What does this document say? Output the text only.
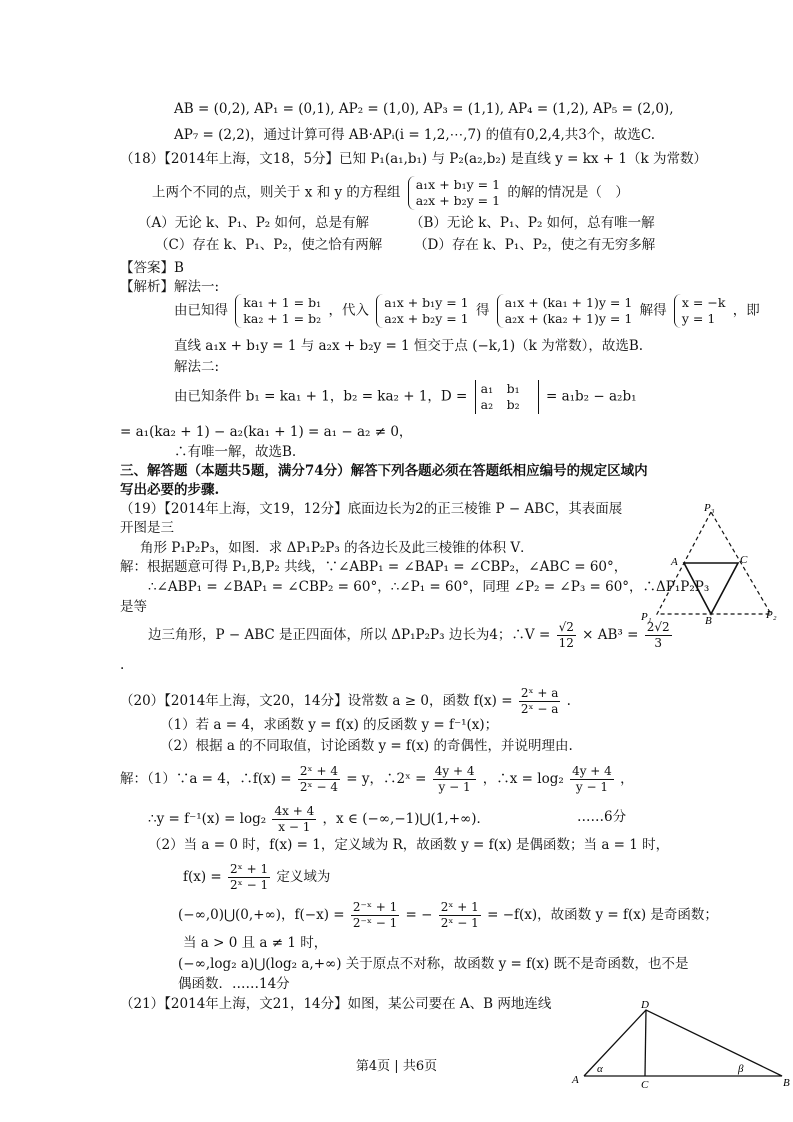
AB = (0,2), AP₁ = (0,1), AP₂ = (1,0), AP₃ = (1,1), AP₄ = (1,2), AP₅ = (2,0),
AP₇ = (2,2)，通过计算可得 AB·APᵢ(i = 1,2,⋯,7) 的值有0,2,4,共3个，故选C.
（18）【2014年上海，文18，5分】已知 P₁(a₁,b₁) 与 P₂(a₂,b₂) 是直线 y = kx + 1（k 为常数）
上两个不同的点，则关于 x 和 y 的方程组 a₁x + b₁y = 1
a₂x + b₂y = 1 的解的情况是（　）
（A）无论 k、P₁、P₂ 如何，总是有解	（B）无论 k、P₁、P₂ 如何，总有唯一解
（C）存在 k、P₁、P₂，使之恰有两解 （D）存在 k、P₁、P₂，使之有无穷多解
【答案】B
【解析】解法一:
由已知得 ka₁ + 1 = b₁
ka₂ + 1 = b₂ ，代入 a₁x + b₁y = 1
a₂x + b₂y = 1 得 a₁x + (ka₁ + 1)y = 1
a₂x + (ka₂ + 1)y = 1 解得 x = −k
y = 1 ，即
直线 a₁x + b₁y = 1 与 a₂x + b₂y = 1 恒交于点 (−k,1)（k 为常数），故选B.
解法二:
由已知条件 b₁ = ka₁ + 1，b₂ = ka₂ + 1，D = a₁ b₁
a₂ b₂ = a₁b₂ − a₂b₁
= a₁(ka₂ + 1) − a₂(ka₁ + 1) = a₁ − a₂ ≠ 0，
∴有唯一解，故选B.
三、解答题（本题共5题，满分74分）解答下列各题必须在答题纸相应编号的规定区域内
写出必要的步骤.
（19）【2014年上海，文19，12分】底面边长为2的正三棱锥 P − ABC，其表面展
开图是三
角形 P₁P₂P₃，如图．求 ΔP₁P₂P₃ 的各边长及此三棱锥的体积 V．
解：根据题意可得 P₁,B,P₂ 共线，∵∠ABP₁ = ∠BAP₁ = ∠CBP₂，∠ABC = 60°，
∴∠ABP₁ = ∠BAP₁ = ∠CBP₂ = 60°，∴∠P₁ = 60°，同理 ∠P₂ = ∠P₃ = 60°，∴ΔP₁P₂P₃
是等
边三角形，P − ABC 是正四面体，所以 ΔP₁P₂P₃ 边长为4；∴V = $\frac{√2}{12} \times AB^3 = \frac{2√2}{3}$
.
P₃
P₁	P₂
A	C
B
（20）【2014年上海，文20，14分】设常数 a ≥ 0，函数 $f(x) = \frac{\text{2ˣ + a}}{\text{2ˣ − a}}$ .
（1）若 a = 4，求函数 y = f(x) 的反函数 y = f⁻¹(x)；
（2）根据 a 的不同取值，讨论函数 y = f(x) 的奇偶性，并说明理由.
解：（1）∵a = 4，∴f(x) = $\frac{\text{2ˣ + 4}}{\text{2ˣ − 4}} = y$，∴2ˣ = $\frac{4y + 4}{y - 1}$ ，∴x = $\log_2 \frac{4y + 4}{y - 1}$ ，
∴y = $f^{-1}(x) = \log_2 \frac{4x + 4}{x - 1}$ ，x ∈ (−∞,−1)⋃(1,+∞)．	……6分
（2）当 a = 0 时，f(x) = 1，定义域为 R，故函数 y = f(x) 是偶函数；当 a = 1 时，
$f(x) = \frac{\text{2ˣ + 1}}{\text{2ˣ − 1}}$ 定义域为
(−∞,0)⋃(0,+∞)，$f(-x) = \frac{\text{2⁻ˣ + 1}}{\text{2⁻ˣ − 1}}$ = − $\frac{\text{2ˣ + 1}}{\text{2ˣ − 1}} = -f(x)$，故函数 y = f(x) 是奇函数；
当 a > 0 且 a ≠ 1 时，
(−∞,log₂ a)⋃(log₂ a,+∞) 关于原点不对称，故函数 y = f(x) 既不是奇函数，也不是
偶函数．……14分
（21）【2014年上海，文21，14分】如图，某公司要在 A、B 两地连线	D
A	B
C
α	β
第4页 | 共6页
